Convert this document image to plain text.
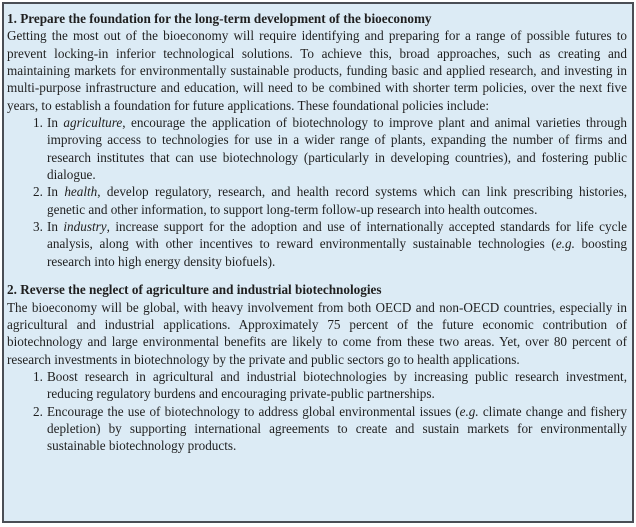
1. Prepare the foundation for the long-term development of the bioeconomy

Getting the most out of the bioeconomy will require identifying and preparing for a range of possible futures to prevent locking-in inferior technological solutions. To achieve this, broad approaches, such as creating and maintaining markets for environmentally sustainable products, funding basic and applied research, and investing in multi-purpose infrastructure and education, will need to be combined with shorter term policies, over the next five years, to establish a foundation for future applications. These foundational policies include:

1. In agriculture, encourage the application of biotechnology to improve plant and animal varieties through improving access to technologies for use in a wider range of plants, expanding the number of firms and research institutes that can use biotechnology (particularly in developing countries), and fostering public dialogue.
2. In health, develop regulatory, research, and health record systems which can link prescribing histories, genetic and other information, to support long-term follow-up research into health outcomes.
3. In industry, increase support for the adoption and use of internationally accepted standards for life cycle analysis, along with other incentives to reward environmentally sustainable technologies (e.g. boosting research into high energy density biofuels).
2. Reverse the neglect of agriculture and industrial biotechnologies

The bioeconomy will be global, with heavy involvement from both OECD and non-OECD countries, especially in agricultural and industrial applications. Approximately 75 percent of the future economic contribution of biotechnology and large environmental benefits are likely to come from these two areas. Yet, over 80 percent of research investments in biotechnology by the private and public sectors go to health applications.

1. Boost research in agricultural and industrial biotechnologies by increasing public research investment, reducing regulatory burdens and encouraging private-public partnerships.
2. Encourage the use of biotechnology to address global environmental issues (e.g. climate change and fishery depletion) by supporting international agreements to create and sustain markets for environmentally sustainable biotechnology products.
